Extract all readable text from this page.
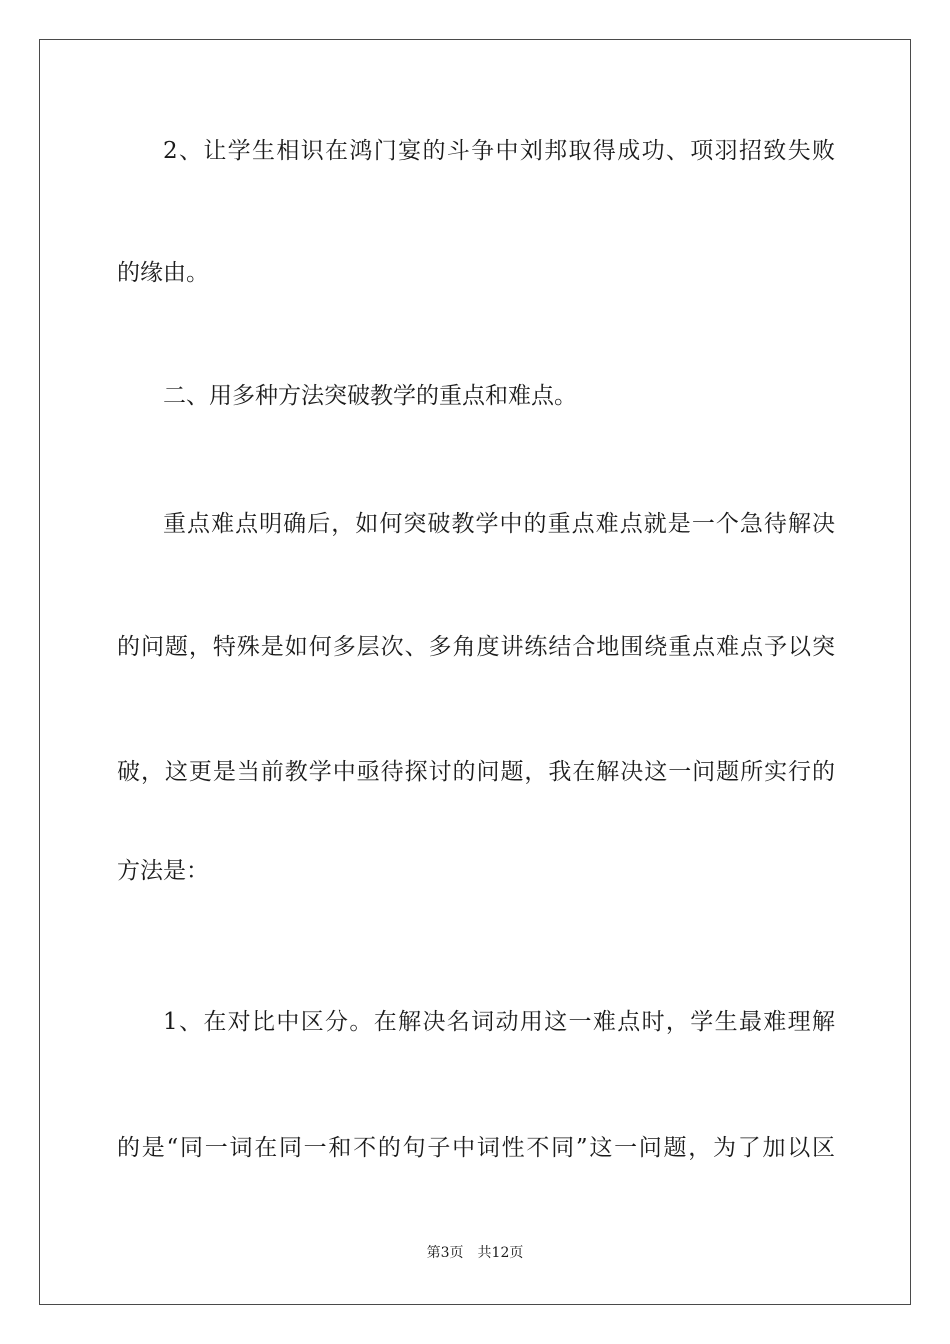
2、让学生相识在鸿门宴的斗争中刘邦取得成功、项羽招致失败
的缘由。
二、用多种方法突破教学的重点和难点。
重点难点明确后，如何突破教学中的重点难点就是一个急待解决
的问题，特殊是如何多层次、多角度讲练结合地围绕重点难点予以突
破，这更是当前教学中亟待探讨的问题，我在解决这一问题所实行的
方法是：
1、在对比中区分。在解决名词动用这一难点时，学生最难理解
的是“同一词在同一和不的句子中词性不同”这一问题，为了加以区
第3页 共12页
